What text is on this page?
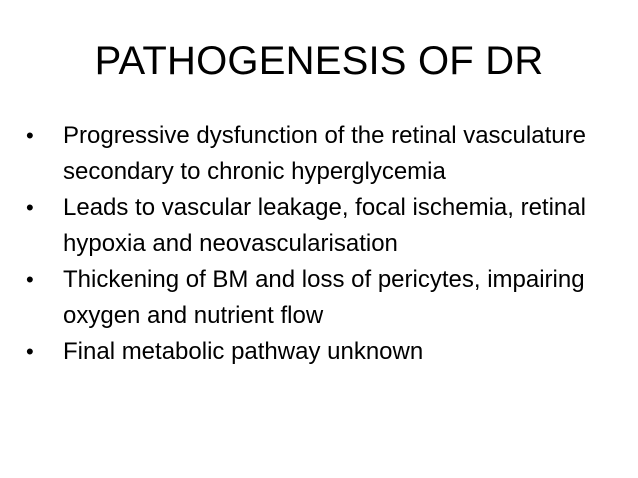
PATHOGENESIS OF DR
• Progressive dysfunction of the retinal vasculature secondary to chronic hyperglycemia
• Leads to vascular leakage, focal ischemia, retinal hypoxia and neovascularisation
• Thickening of BM and loss of pericytes, impairing oxygen and nutrient flow
• Final metabolic pathway unknown
